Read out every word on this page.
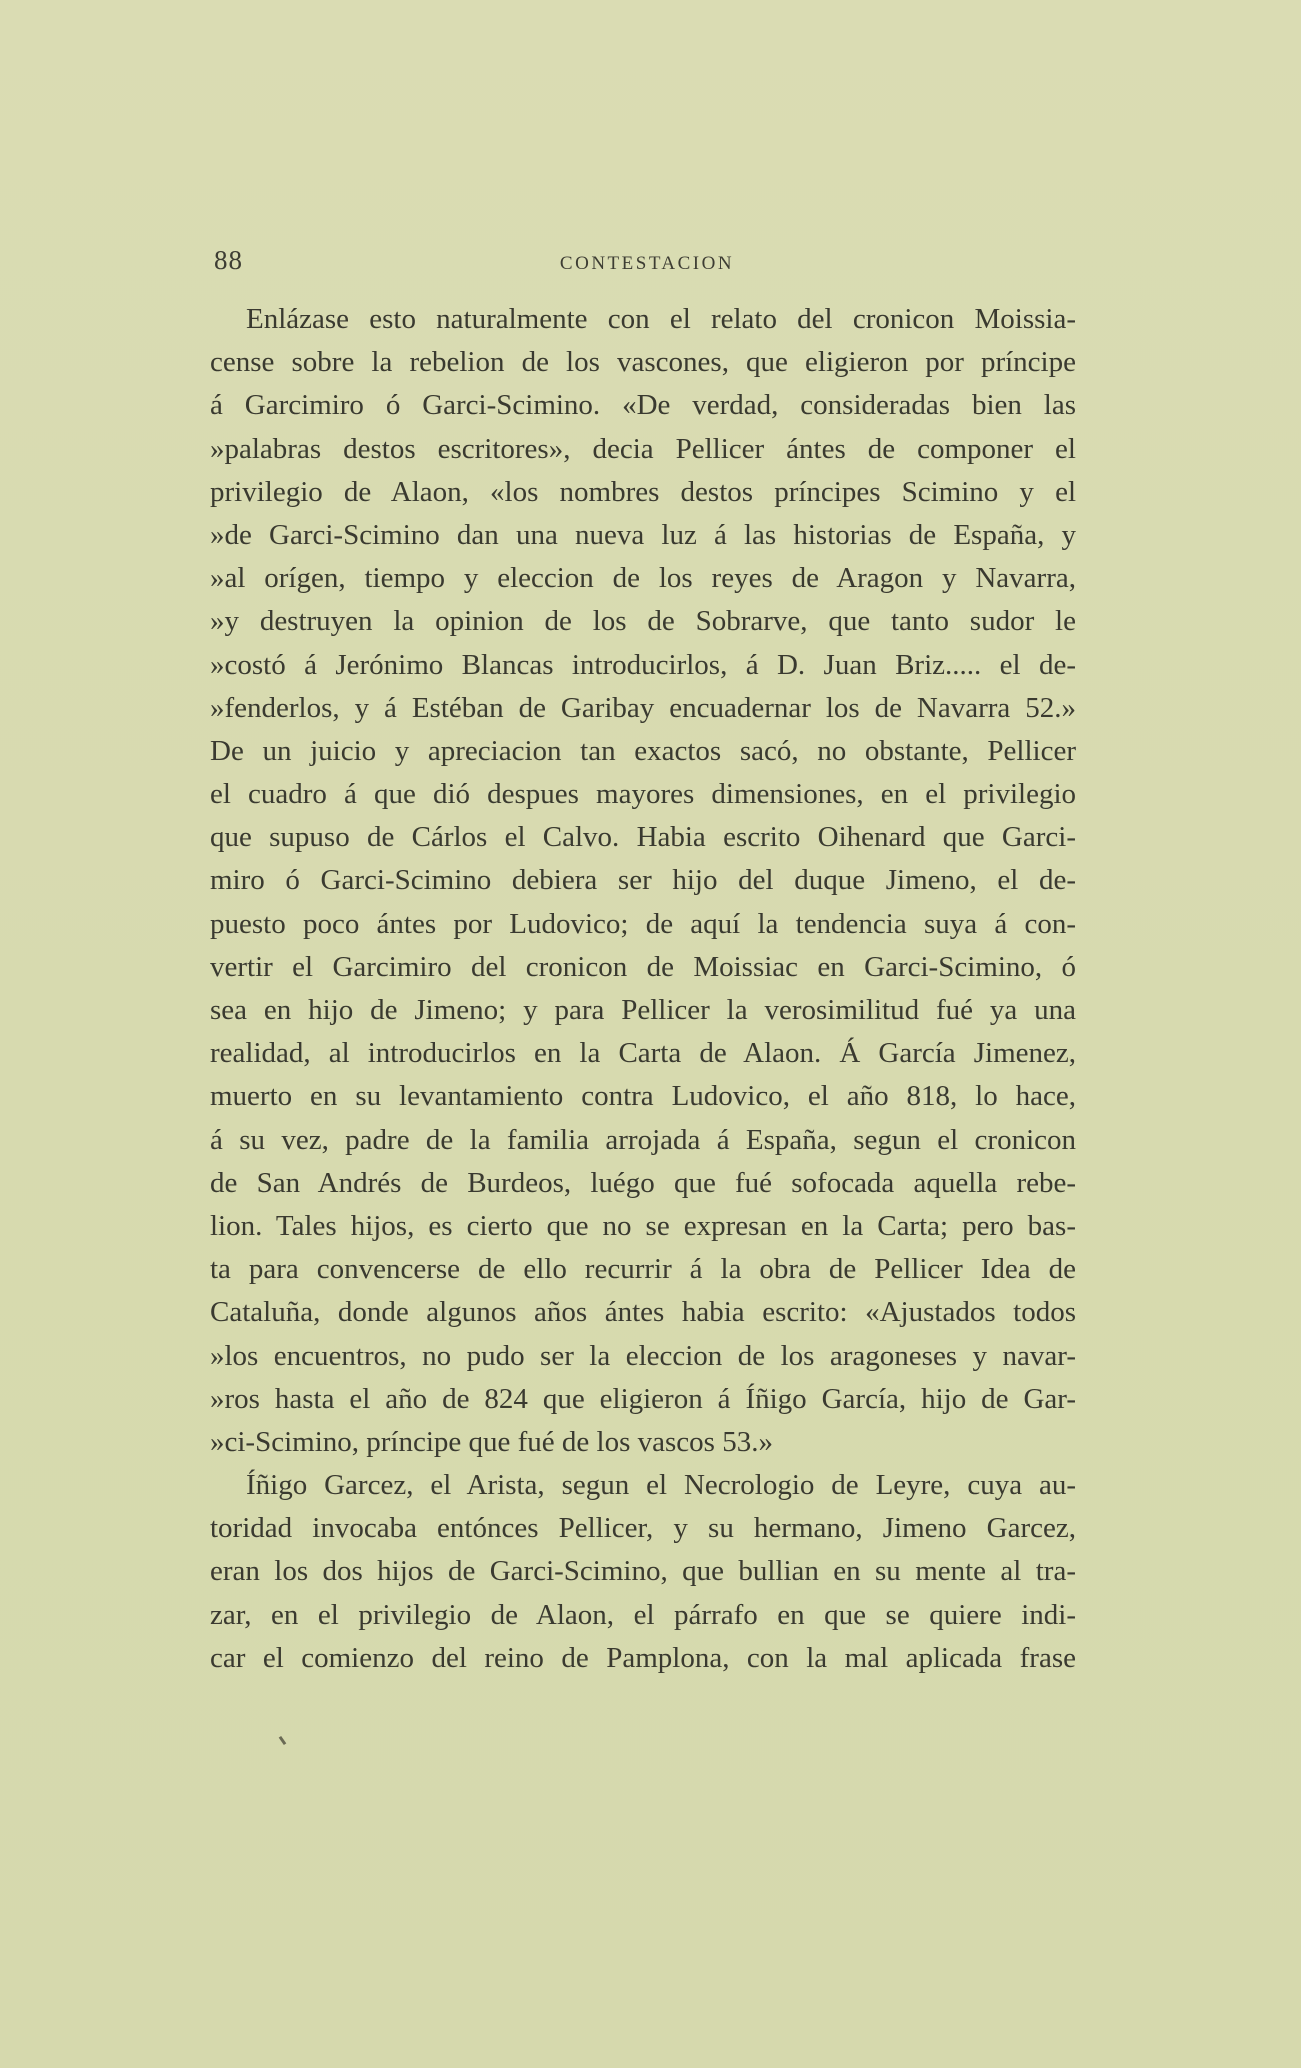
88	CONTESTACION
Enlázase esto naturalmente con el relato del cronicon Moissia-
cense sobre la rebelion de los vascones, que eligieron por príncipe
á Garcimiro ó Garci-Scimino. «De verdad, consideradas bien las
»palabras destos escritores», decia Pellicer ántes de componer el
privilegio de Alaon, «los nombres destos príncipes Scimino y el
»de Garci-Scimino dan una nueva luz á las historias de España, y
»al orígen, tiempo y eleccion de los reyes de Aragon y Navarra,
»y destruyen la opinion de los de Sobrarve, que tanto sudor le
»costó á Jerónimo Blancas introducirlos, á D. Juan Briz..... el de-
»fenderlos, y á Estéban de Garibay encuadernar los de Navarra 52.»
De un juicio y apreciacion tan exactos sacó, no obstante, Pellicer
el cuadro á que dió despues mayores dimensiones, en el privilegio
que supuso de Cárlos el Calvo. Habia escrito Oihenard que Garci-
miro ó Garci-Scimino debiera ser hijo del duque Jimeno, el de-
puesto poco ántes por Ludovico; de aquí la tendencia suya á con-
vertir el Garcimiro del cronicon de Moissiac en Garci-Scimino, ó
sea en hijo de Jimeno; y para Pellicer la verosimilitud fué ya una
realidad, al introducirlos en la Carta de Alaon. Á García Jimenez,
muerto en su levantamiento contra Ludovico, el año 818, lo hace,
á su vez, padre de la familia arrojada á España, segun el cronicon
de San Andrés de Burdeos, luégo que fué sofocada aquella rebe-
lion. Tales hijos, es cierto que no se expresan en la Carta; pero bas-
ta para convencerse de ello recurrir á la obra de Pellicer Idea de
Cataluña, donde algunos años ántes habia escrito: «Ajustados todos
»los encuentros, no pudo ser la eleccion de los aragoneses y navar-
»ros hasta el año de 824 que eligieron á Íñigo García, hijo de Gar-
»ci-Scimino, príncipe que fué de los vascos 53.»
Íñigo Garcez, el Arista, segun el Necrologio de Leyre, cuya au-
toridad invocaba entónces Pellicer, y su hermano, Jimeno Garcez,
eran los dos hijos de Garci-Scimino, que bullian en su mente al tra-
zar, en el privilegio de Alaon, el párrafo en que se quiere indi-
car el comienzo del reino de Pamplona, con la mal aplicada frase
